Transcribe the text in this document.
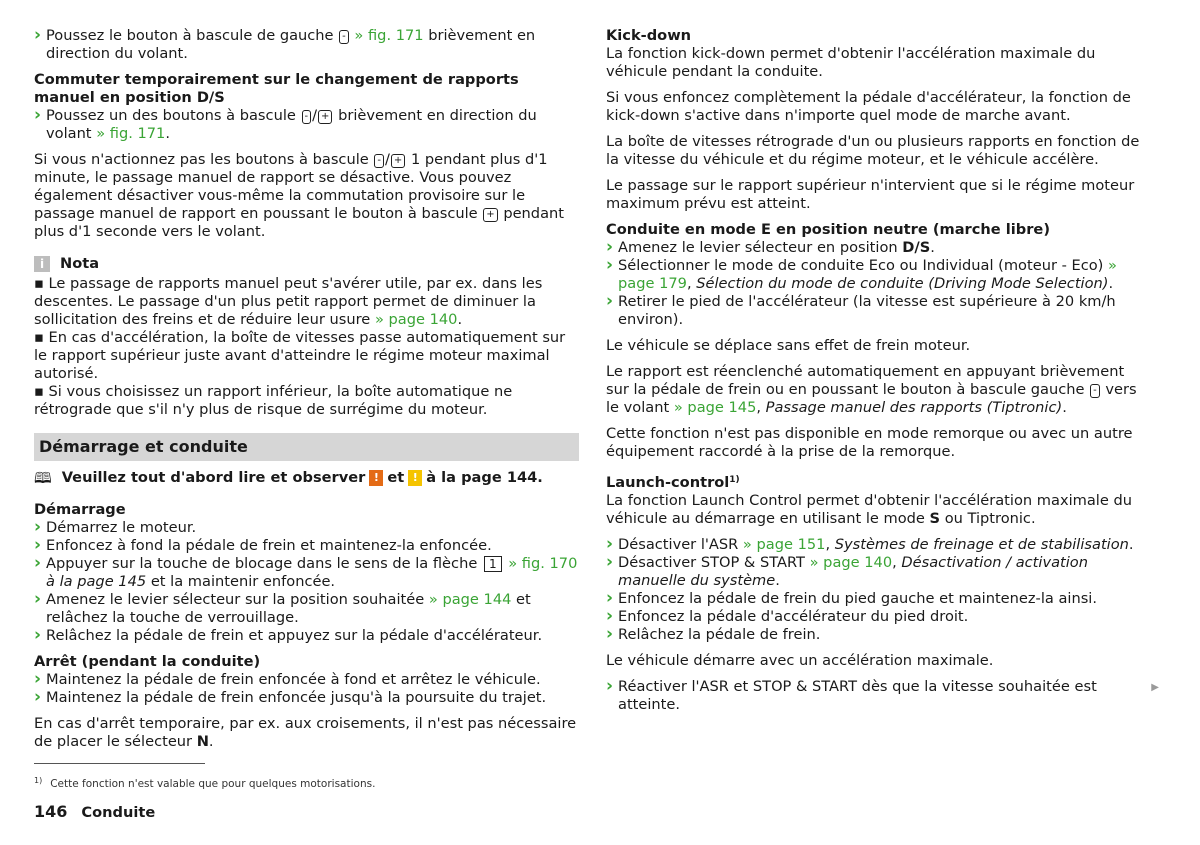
› Poussez le bouton à bascule de gauche - » fig. 171 brièvement en direction du volant.

Commuter temporairement sur le changement de rapports manuel en position D/S

› Poussez un des boutons à bascule - / + brièvement en direction du volant » fig. 171.

Si vous n'actionnez pas les boutons à bascule - / + 1 pendant plus d'1 minute, le passage manuel de rapport se désactive. Vous pouvez également désactiver vous-même la commutation provisoire sur le passage manuel de rapport en poussant le bouton à bascule + pendant plus d'1 seconde vers le volant.

i	Nota

▪ Le passage de rapports manuel peut s'avérer utile, par ex. dans les descentes. Le passage d'un plus petit rapport permet de diminuer la sollicitation des freins et de réduire leur usure » page 140.

▪ En cas d'accélération, la boîte de vitesses passe automatiquement sur le rapport supérieur juste avant d'atteindre le régime moteur maximal autorisé.

▪ Si vous choisissez un rapport inférieur, la boîte automatique ne rétrograde que s'il n'y plus de risque de surrégime du moteur.

Démarrage et conduite
🕮 Veuillez tout d'abord lire et observer ! et ! à la page 144.

Démarrage

› Démarrez le moteur.

› Enfoncez à fond la pédale de frein et maintenez-la enfoncée.

› Appuyer sur la touche de blocage dans le sens de la flèche 1 » fig. 170 à la page 145 et la maintenir enfoncée.

› Amenez le levier sélecteur sur la position souhaitée » page 144 et relâchez la touche de verrouillage.

› Relâchez la pédale de frein et appuyez sur la pédale d'accélérateur.

Arrêt (pendant la conduite)

› Maintenez la pédale de frein enfoncée à fond et arrêtez le véhicule.

› Maintenez la pédale de frein enfoncée jusqu'à la poursuite du trajet.

En cas d'arrêt temporaire, par ex. aux croisements, il n'est pas nécessaire de placer le sélecteur N.

Kick-down

La fonction kick-down permet d'obtenir l'accélération maximale du véhicule pendant la conduite.

Si vous enfoncez complètement la pédale d'accélérateur, la fonction de kick-down s'active dans n'importe quel mode de marche avant.

La boîte de vitesses rétrograde d'un ou plusieurs rapports en fonction de la vitesse du véhicule et du régime moteur, et le véhicule accélère.

Le passage sur le rapport supérieur n'intervient que si le régime moteur maximum prévu est atteint.

Conduite en mode E en position neutre (marche libre)

› Amenez le levier sélecteur en position D/S.

› Sélectionner le mode de conduite Eco ou Individual (moteur - Eco) » page 179, Sélection du mode de conduite (Driving Mode Selection).

› Retirer le pied de l'accélérateur (la vitesse est supérieure à 20 km/h environ).

Le véhicule se déplace sans effet de frein moteur.

Le rapport est réenclenché automatiquement en appuyant brièvement sur la pédale de frein ou en poussant le bouton à bascule gauche - vers le volant » page 145, Passage manuel des rapports (Tiptronic).

Cette fonction n'est pas disponible en mode remorque ou avec un autre équipement raccordé à la prise de la remorque.

Launch-control$^{1)}$

La fonction Launch Control permet d'obtenir l'accélération maximale du véhicule au démarrage en utilisant le mode S ou Tiptronic.

› Désactiver l'ASR » page 151, Systèmes de freinage et de stabilisation.

› Désactiver STOP & START » page 140, Désactivation / activation manuelle du système.

› Enfoncez la pédale de frein du pied gauche et maintenez-la ainsi.

› Enfoncez la pédale d'accélérateur du pied droit.

› Relâchez la pédale de frein.

Le véhicule démarre avec un accélération maximale.

› Réactiver l'ASR et STOP & START dès que la vitesse souhaitée est atteinte.
▶

$^{1)}$ Cette fonction n'est valable que pour quelques motorisations.
146 Conduite
